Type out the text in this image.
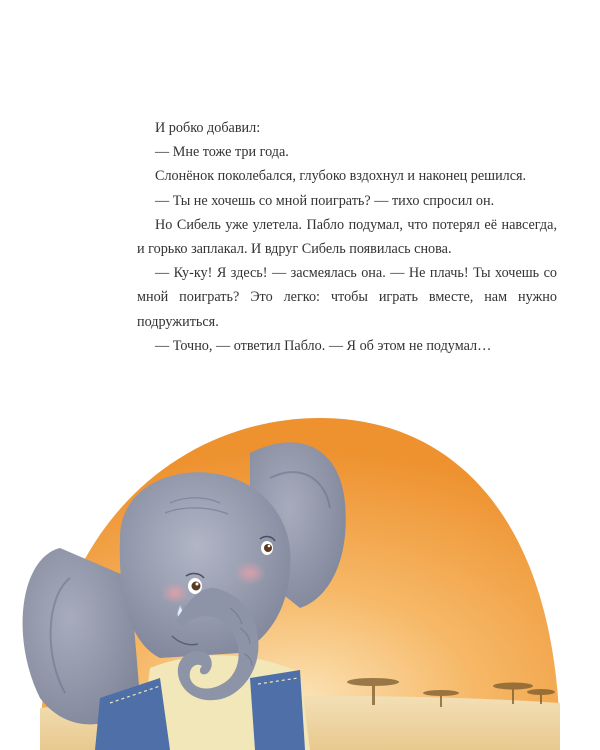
И робко добавил:

— Мне тоже три года.

Слонёнок поколебался, глубоко вздохнул и наконец решился.

— Ты не хочешь со мной поиграть? — тихо спросил он.

Но Сибель уже улетела. Пабло подумал, что потерял её навсегда, и горько заплакал. И вдруг Сибель появилась снова.

— Ку-ку! Я здесь! — засмеялась она. — Не плачь! Ты хочешь со мной поиграть? Это легко: чтобы играть вместе, нам нужно подружиться.

— Точно, — ответил Пабло. — Я об этом не подумал…
